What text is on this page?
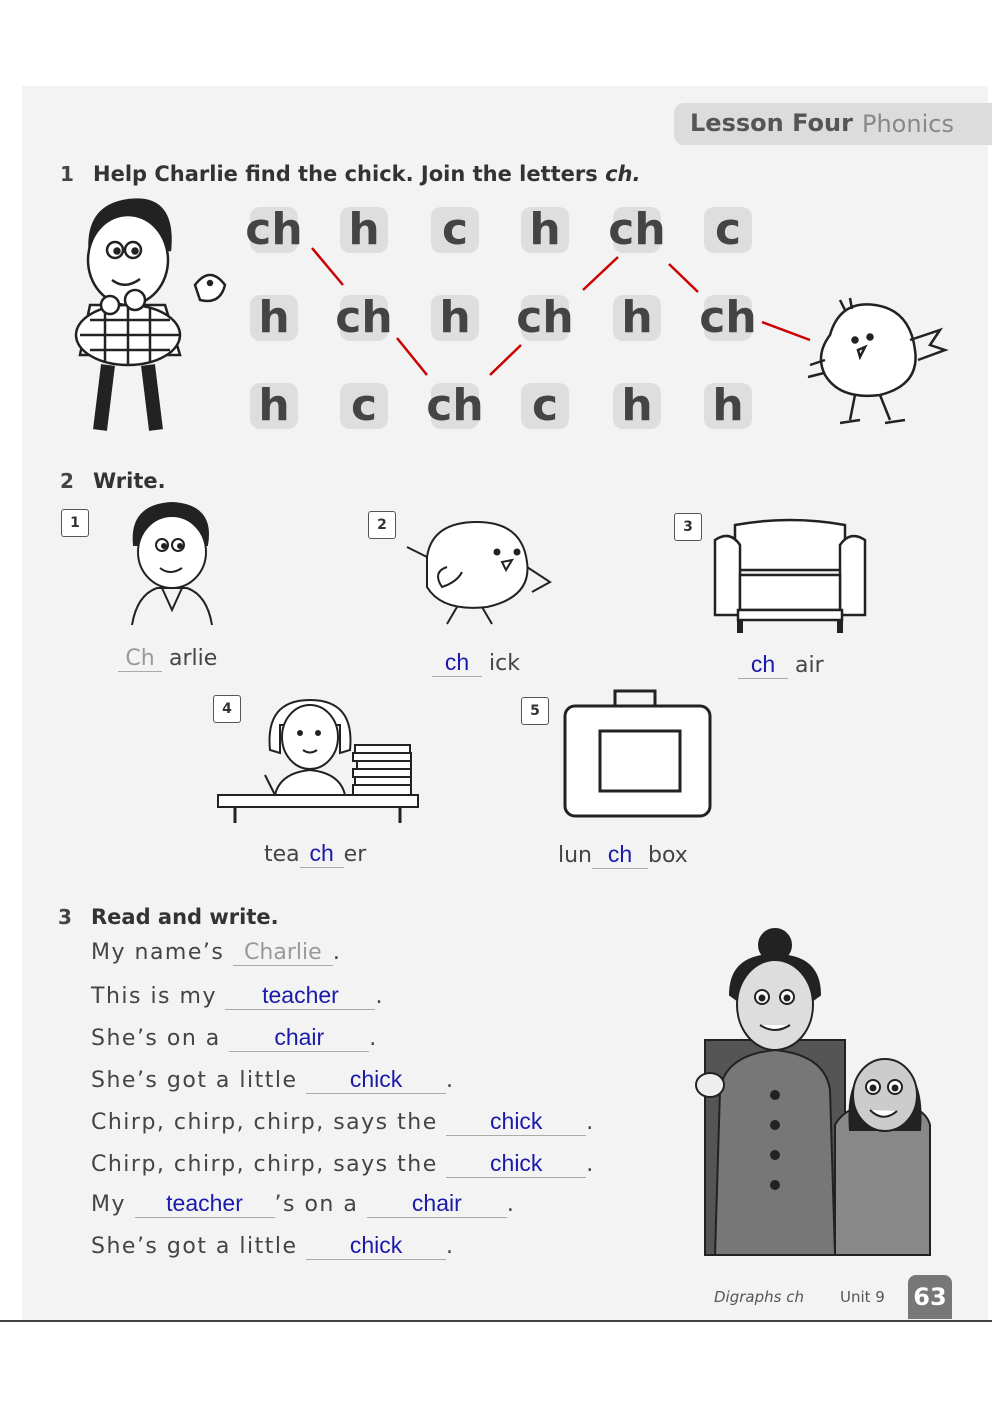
Lesson Four Phonics
1 Help Charlie find the chick. Join the letters ch.
ch	h	c	h	ch	c
h	ch	h	ch	h	ch
h	c	ch	c	h	h
2 Write.
1	2	3
4	5
Ch arlie	ch ick	ch air
tea ch er	lun ch box
3 Read and write.
My name’s Charlie .
This is my teacher .
She’s on a chair .
She’s got a little chick .
Chirp, chirp, chirp, says the chick .
Chirp, chirp, chirp, says the chick .
My teacher ’s on a chair .
She’s got a little chick .
Digraphs ch Unit 9 63
